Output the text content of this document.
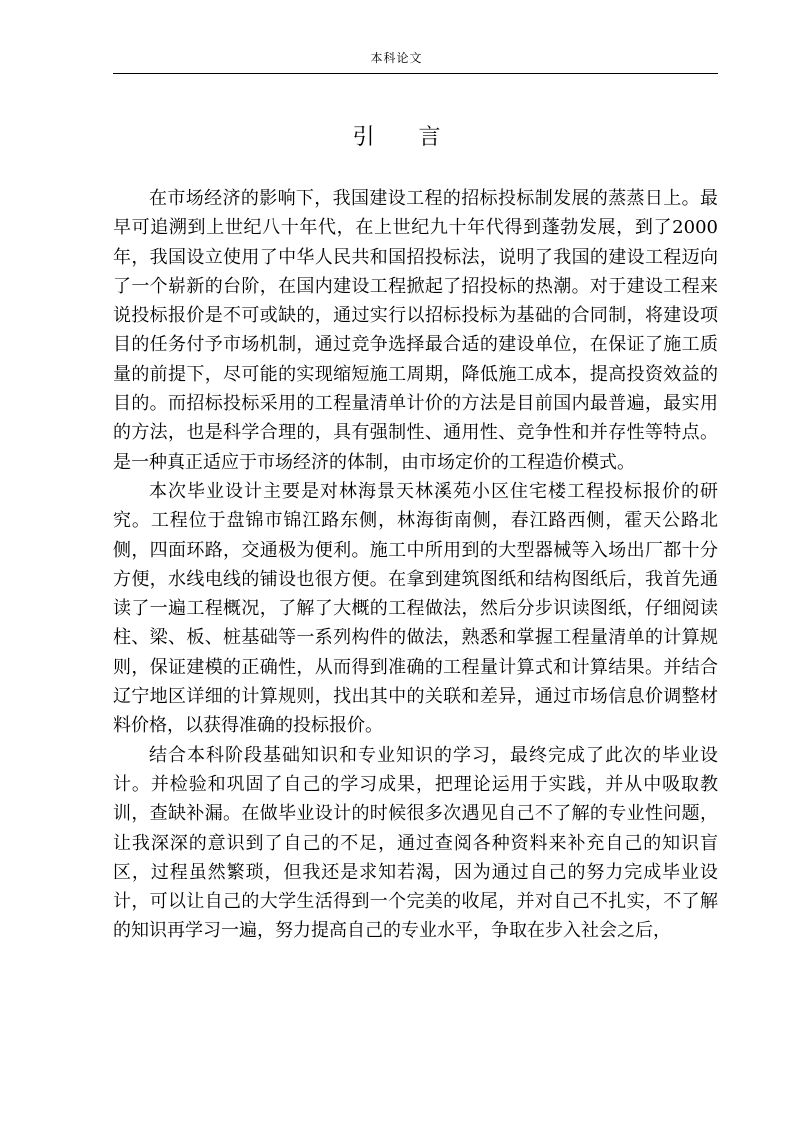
本科论文
引 言

在市场经济的影响下，我国建设工程的招标投标制发展的蒸蒸日上。最早可追溯到上世纪八十年代，在上世纪九十年代得到蓬勃发展，到了2000年，我国设立使用了中华人民共和国招投标法，说明了我国的建设工程迈向了一个崭新的台阶，在国内建设工程掀起了招投标的热潮。对于建设工程来说投标报价是不可或缺的，通过实行以招标投标为基础的合同制，将建设项目的任务付予市场机制，通过竞争选择最合适的建设单位，在保证了施工质量的前提下，尽可能的实现缩短施工周期，降低施工成本，提高投资效益的目的。而招标投标采用的工程量清单计价的方法是目前国内最普遍，最实用的方法，也是科学合理的，具有强制性、通用性、竞争性和并存性等特点。是一种真正适应于市场经济的体制，由市场定价的工程造价模式。

本次毕业设计主要是对林海景天林溪苑小区住宅楼工程投标报价的研究。工程位于盘锦市锦江路东侧，林海街南侧，春江路西侧，霍天公路北侧，四面环路，交通极为便利。施工中所用到的大型器械等入场出厂都十分方便，水线电线的铺设也很方便。在拿到建筑图纸和结构图纸后，我首先通读了一遍工程概况，了解了大概的工程做法，然后分步识读图纸，仔细阅读柱、梁、板、桩基础等一系列构件的做法，熟悉和掌握工程量清单的计算规则，保证建模的正确性，从而得到准确的工程量计算式和计算结果。并结合辽宁地区详细的计算规则，找出其中的关联和差异，通过市场信息价调整材料价格，以获得准确的投标报价。

结合本科阶段基础知识和专业知识的学习，最终完成了此次的毕业设计。并检验和巩固了自己的学习成果，把理论运用于实践，并从中吸取教训，查缺补漏。在做毕业设计的时候很多次遇见自己不了解的专业性问题，让我深深的意识到了自己的不足，通过查阅各种资料来补充自己的知识盲区，过程虽然繁琐，但我还是求知若渴，因为通过自己的努力完成毕业设计，可以让自己的大学生活得到一个完美的收尾，并对自己不扎实，不了解的知识再学习一遍，努力提高自己的专业水平，争取在步入社会之后，
